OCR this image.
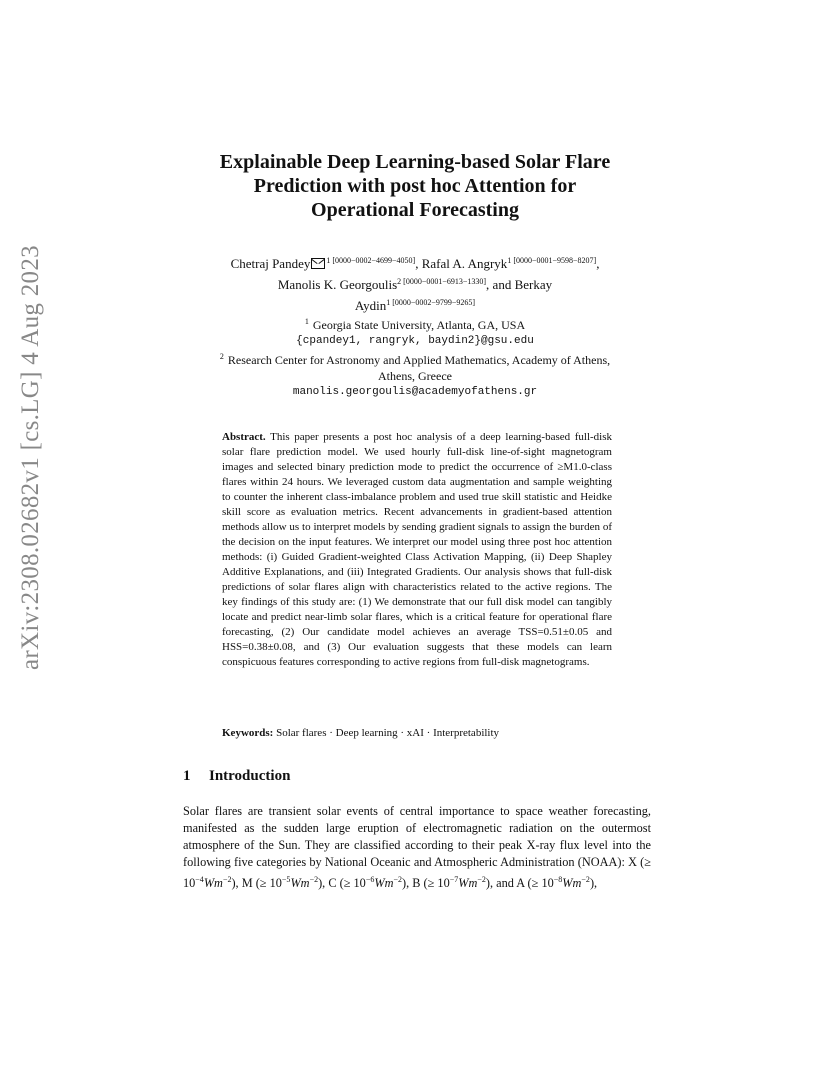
arXiv:2308.02682v1 [cs.LG] 4 Aug 2023
Explainable Deep Learning-based Solar Flare
Prediction with post hoc Attention for
Operational Forecasting
Chetraj Pandey $^{1 [0000-0002-4699-4050]}$, Rafal A. Angryk$^{1 [0000-0001-9598-8207]}$,
Manolis K. Georgoulis$^{2 [0000-0001-6913-1330]}$, and Berkay
Aydin$^{1 [0000-0002-9799-9265]}$
$^1$ Georgia State University, Atlanta, GA, USA
{cpandey1, rangryk, baydin2}@gsu.edu
$^2$ Research Center for Astronomy and Applied Mathematics, Academy of Athens,
Athens, Greece
manolis.georgoulis@academyofathens.gr
Abstract. This paper presents a post hoc analysis of a deep learning-based full-disk solar flare prediction model. We used hourly full-disk line-of-sight magnetogram images and selected binary prediction mode to predict the occurrence of ≥M1.0-class flares within 24 hours. We leveraged custom data augmentation and sample weighting to counter the inherent class-imbalance problem and used true skill statistic and Heidke skill score as evaluation metrics. Recent advancements in gradient-based attention methods allow us to interpret models by sending gradient signals to assign the burden of the decision on the input features. We interpret our model using three post hoc attention methods: (i) Guided Gradient-weighted Class Activation Mapping, (ii) Deep Shapley Additive Explanations, and (iii) Integrated Gradients. Our analysis shows that full-disk predictions of solar flares align with characteristics related to the active regions. The key findings of this study are: (1) We demonstrate that our full disk model can tangibly locate and predict near-limb solar flares, which is a critical feature for operational flare forecasting, (2) Our candidate model achieves an average TSS=0.51±0.05 and HSS=0.38±0.08, and (3) Our evaluation suggests that these models can learn conspicuous features corresponding to active regions from full-disk magnetograms.
Keywords: Solar flares · Deep learning · xAI · Interpretability
1 Introduction
Solar flares are transient solar events of central importance to space weather forecasting, manifested as the sudden large eruption of electromagnetic radiation on the outermost atmosphere of the Sun. They are classified according to their peak X-ray flux level into the following five categories by National Oceanic and Atmospheric Administration (NOAA): X (≥ $10^{-4}Wm^{-2}$), M (≥ $10^{-5}Wm^{-2}$), C (≥ $10^{-6}Wm^{-2}$), B (≥ $10^{-7}Wm^{-2}$), and A (≥ $10^{-8}Wm^{-2}$),
